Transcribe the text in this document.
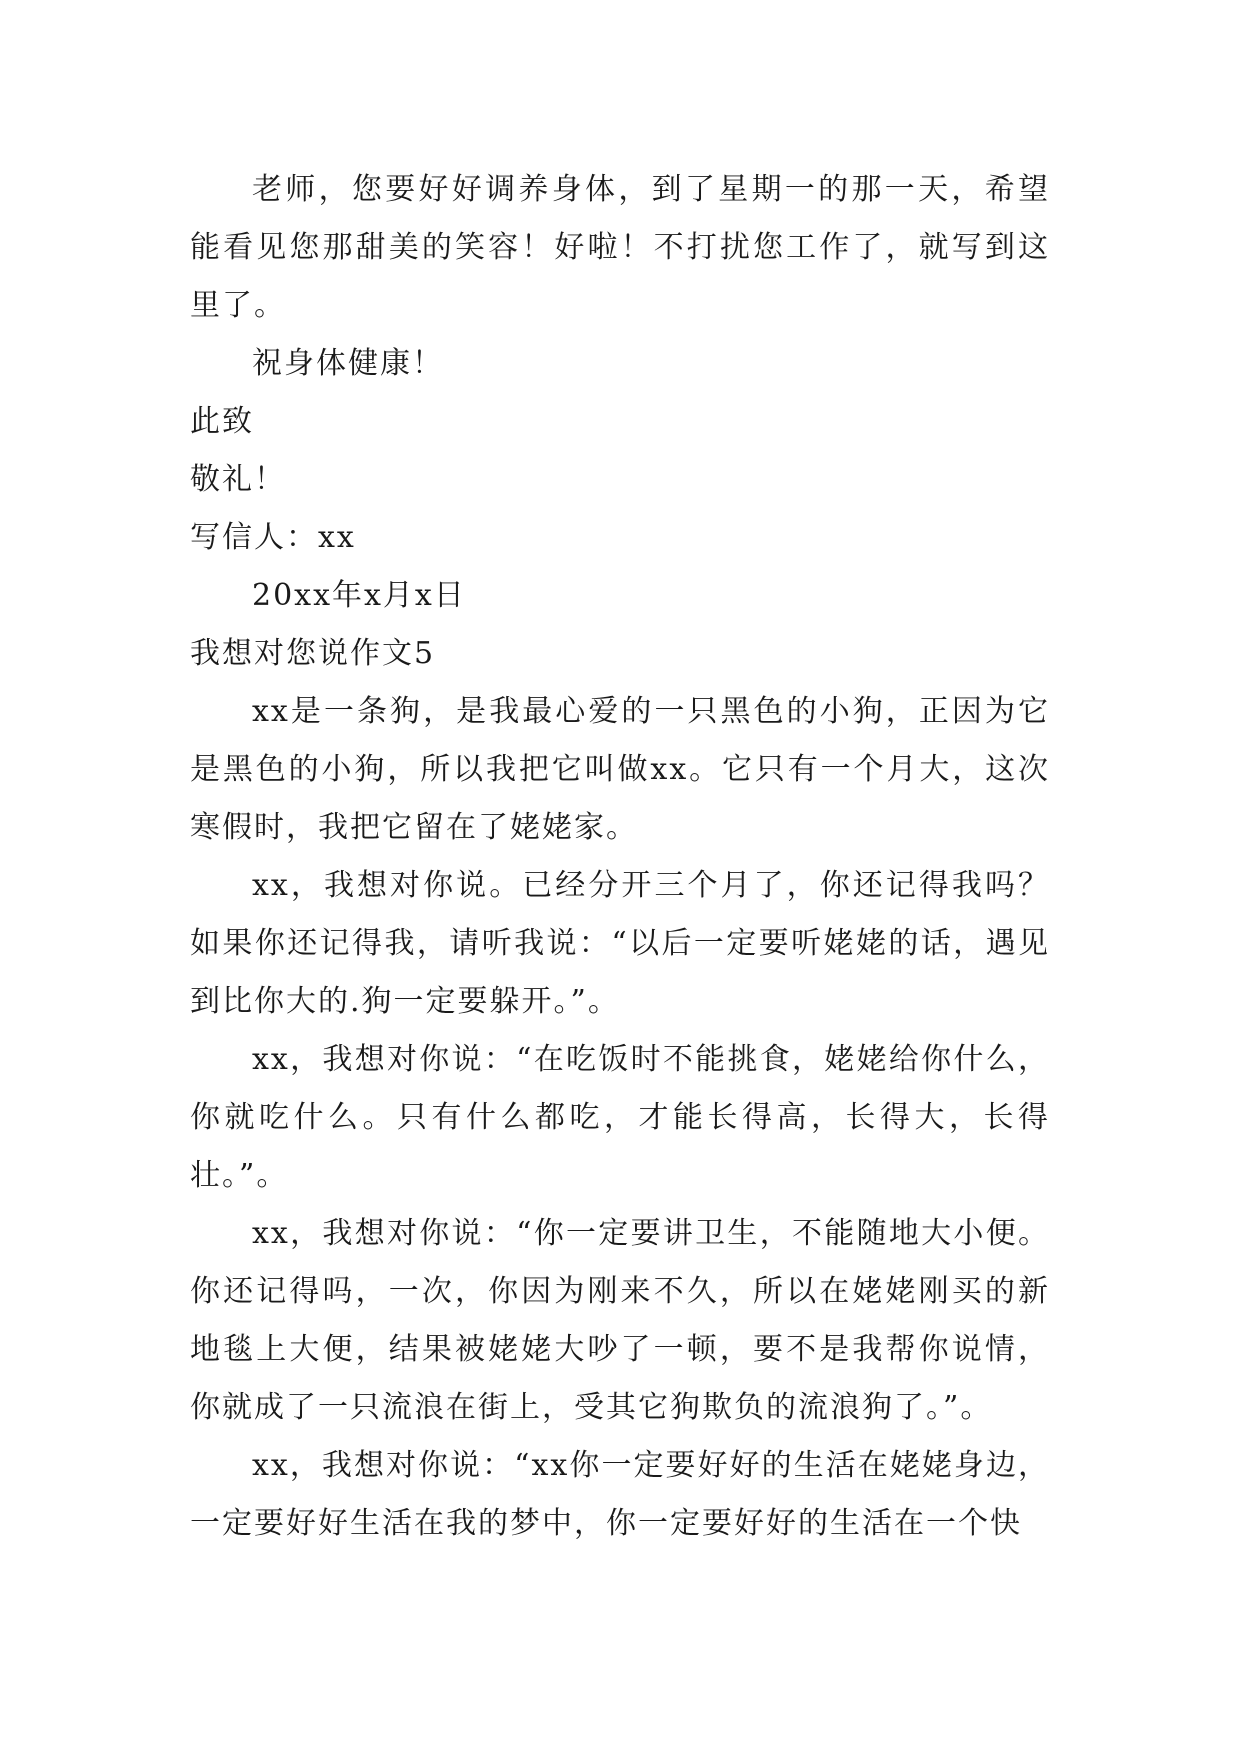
老师，您要好好调养身体，到了星期一的那一天，希望能看见您那甜美的笑容！好啦！不打扰您工作了，就写到这里了。

祝身体健康！

此致

敬礼！

写信人：xx

20xx年x月x日

我想对您说作文5

xx是一条狗，是我最心爱的一只黑色的小狗，正因为它是黑色的小狗，所以我把它叫做xx。它只有一个月大，这次寒假时，我把它留在了姥姥家。

xx，我想对你说。已经分开三个月了，你还记得我吗？如果你还记得我，请听我说：“以后一定要听姥姥的话，遇见到比你大的.狗一定要躲开。”。

xx，我想对你说：“在吃饭时不能挑食，姥姥给你什么，你就吃什么。只有什么都吃，才能长得高，长得大，长得壮。”。

xx，我想对你说：“你一定要讲卫生，不能随地大小便。你还记得吗，一次，你因为刚来不久，所以在姥姥刚买的新地毯上大便，结果被姥姥大吵了一顿，要不是我帮你说情，你就成了一只流浪在街上，受其它狗欺负的流浪狗了。”。

xx，我想对你说：“xx你一定要好好的生活在姥姥身边，一定要好好生活在我的梦中，你一定要好好的生活在一个快
